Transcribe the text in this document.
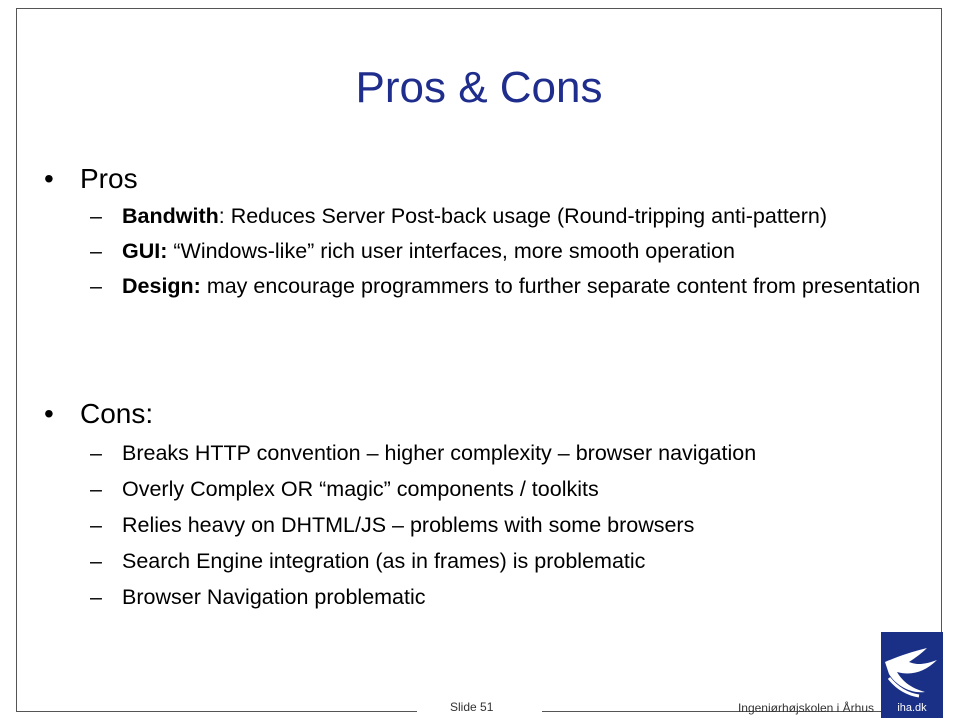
Pros & Cons
• Pros
– Bandwith: Reduces Server Post-back usage (Round-tripping anti-pattern)
– GUI: “Windows-like” rich user interfaces, more smooth operation
– Design: may encourage programmers to further separate content from presentation
• Cons:
– Breaks HTTP convention – higher complexity – browser navigation
– Overly Complex OR “magic” components / toolkits
– Relies heavy on DHTML/JS – problems with some browsers
– Search Engine integration (as in frames) is problematic
– Browser Navigation problematic
Slide 51	Ingeniørhøjskolen i Århus	iha.dk
